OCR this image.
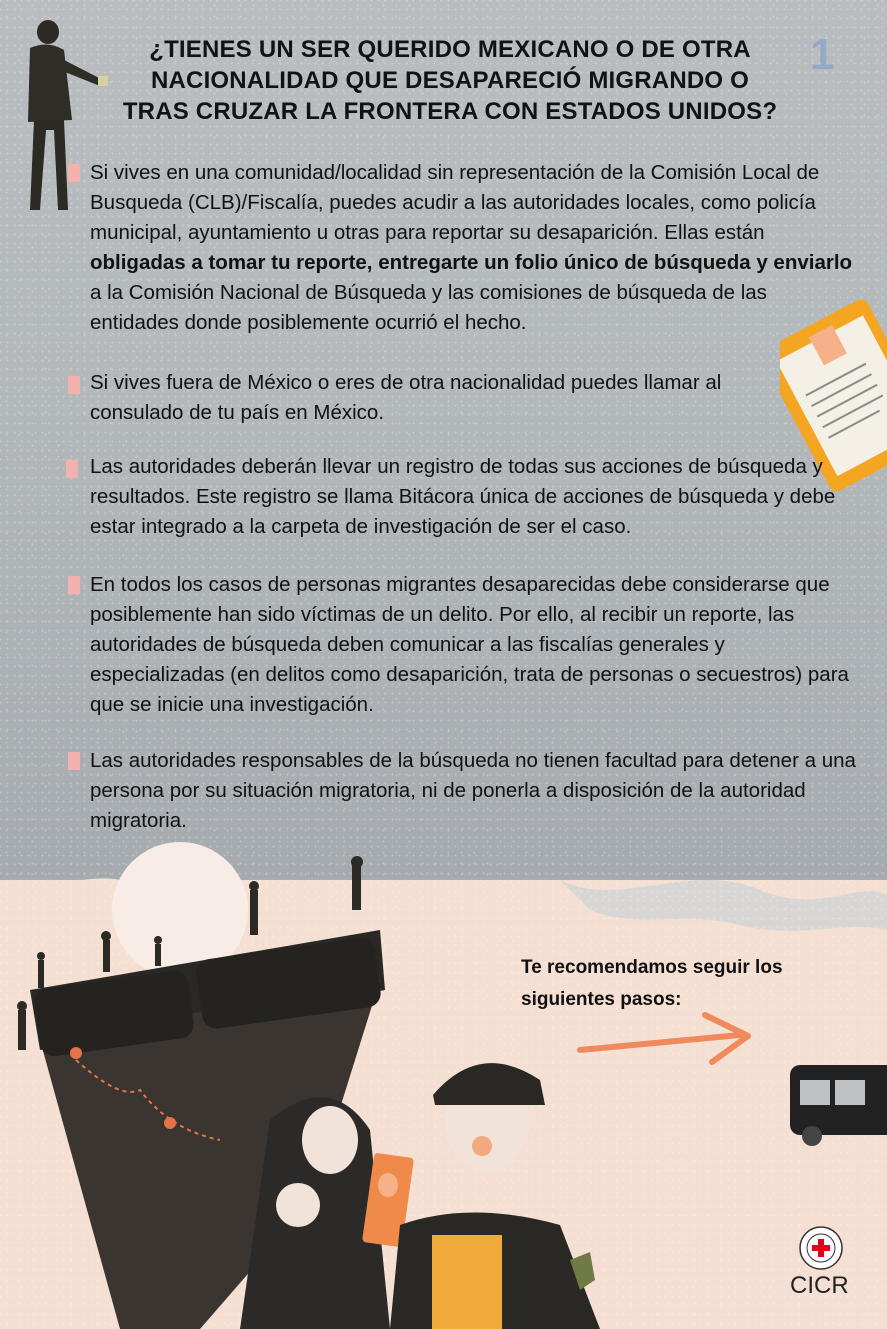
1
¿TIENES UN SER QUERIDO MEXICANO O DE OTRA
NACIONALIDAD QUE DESAPARECIÓ MIGRANDO O
TRAS CRUZAR LA FRONTERA CON ESTADOS UNIDOS?

Si vives en una comunidad/localidad sin representación de la Comisión Local de Busqueda (CLB)/Fiscalía, puedes acudir a las autoridades locales, como policía municipal, ayuntamiento u otras para reportar su desaparición. Ellas están obligadas a tomar tu reporte, entregarte un folio único de búsqueda y enviarlo a la Comisión Nacional de Búsqueda y las comisiones de búsqueda de las entidades donde posiblemente ocurrió el hecho.

Si vives fuera de México o eres de otra nacionalidad puedes llamar al consulado de tu país en México.

Las autoridades deberán llevar un registro de todas sus acciones de búsqueda y resultados. Este registro se llama Bitácora única de acciones de búsqueda y debe estar integrado a la carpeta de investigación de ser el caso.

En todos los casos de personas migrantes desaparecidas debe considerarse que posiblemente han sido víctimas de un delito. Por ello, al recibir un reporte, las autoridades de búsqueda deben comunicar a las fiscalías generales y especializadas (en delitos como desaparición, trata de personas o secuestros) para que se inicie una investigación.

Las autoridades responsables de la búsqueda no tienen facultad para detener a una persona por su situación migratoria, ni de ponerla a disposición de la autoridad migratoria.

Te recomendamos seguir los
siguientes pasos:
CICR
